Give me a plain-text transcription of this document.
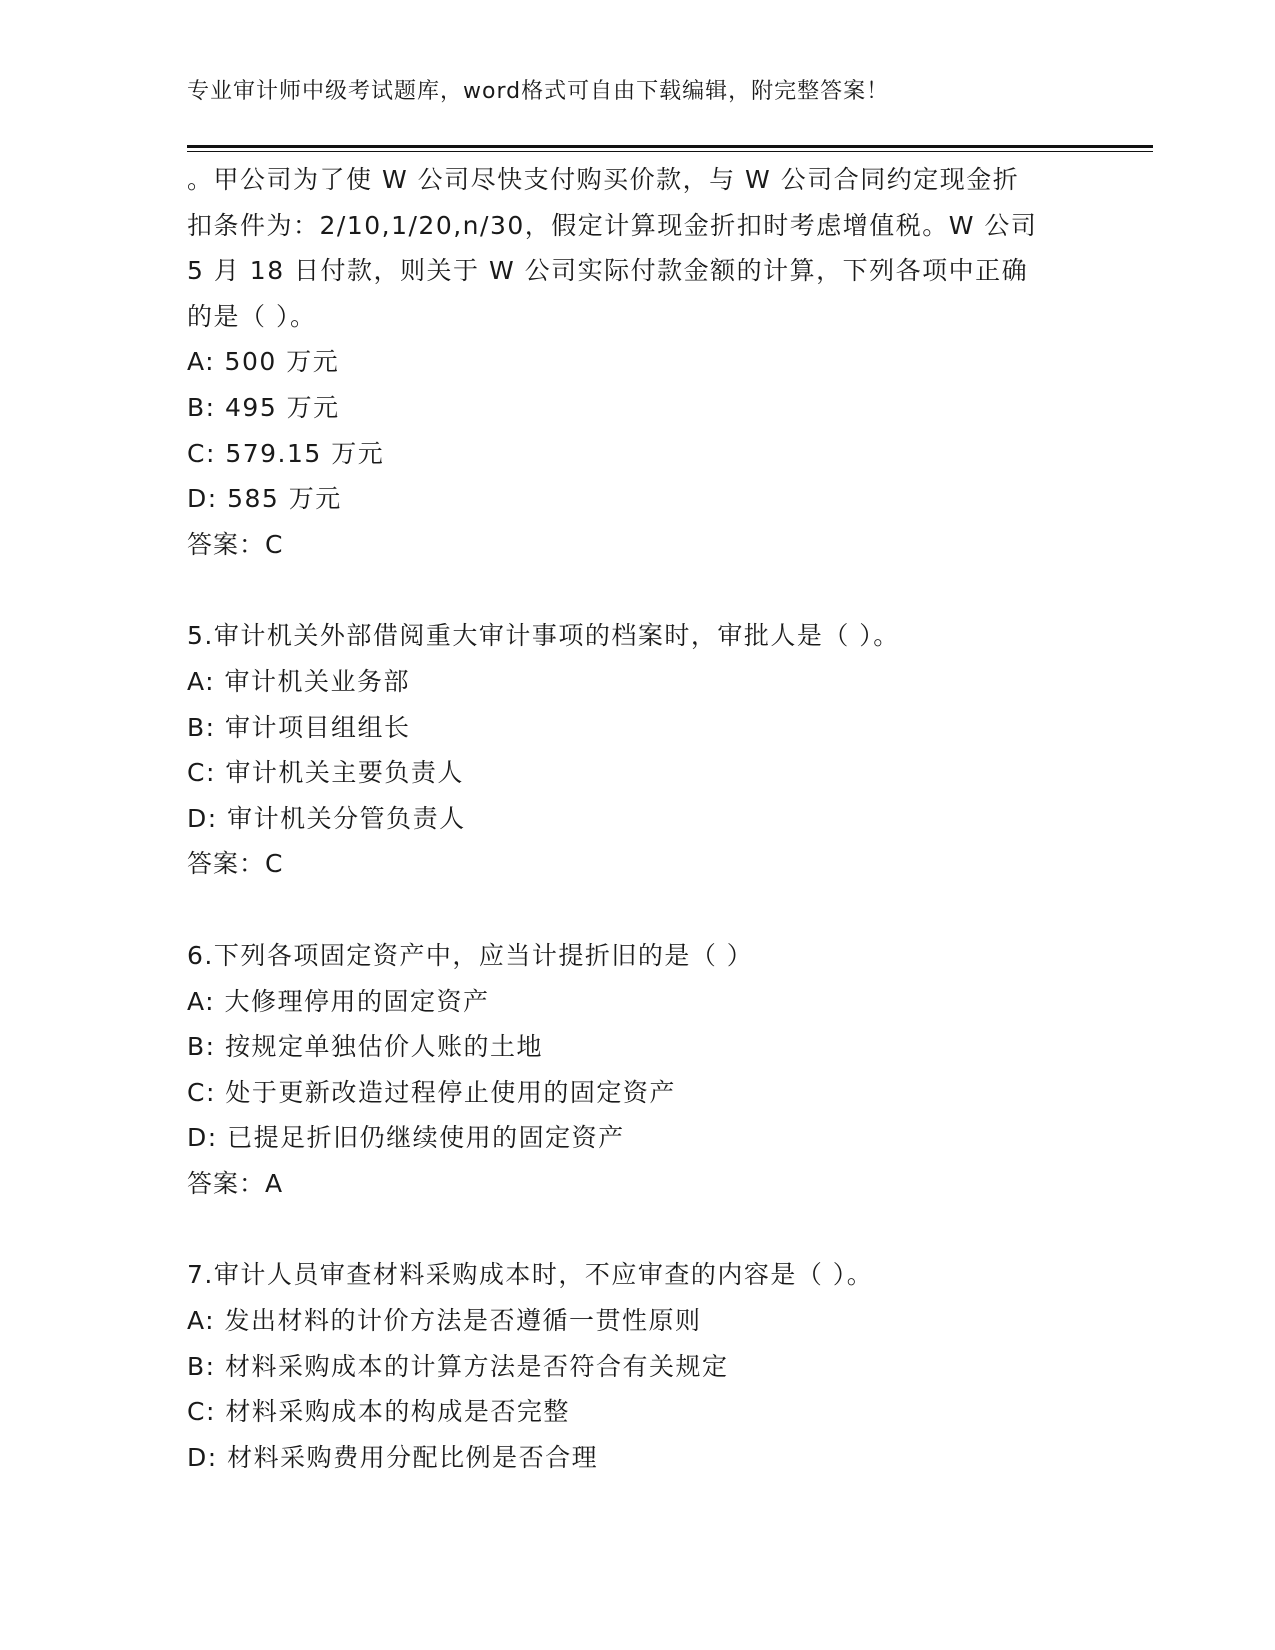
专业审计师中级考试题库，word格式可自由下载编辑，附完整答案！
。甲公司为了使 W 公司尽快支付购买价款，与 W 公司合同约定现金折
扣条件为：2/10,1/20,n/30，假定计算现金折扣时考虑增值税。W 公司
5 月 18 日付款，则关于 W 公司实际付款金额的计算，下列各项中正确
的是（ ）。
A: 500 万元
B: 495 万元
C: 579.15 万元
D: 585 万元
答案：C
5.审计机关外部借阅重大审计事项的档案时，审批人是（ ）。
A: 审计机关业务部
B: 审计项目组组长
C: 审计机关主要负责人
D: 审计机关分管负责人
答案：C
6.下列各项固定资产中，应当计提折旧的是（ ）
A: 大修理停用的固定资产
B: 按规定单独估价人账的土地
C: 处于更新改造过程停止使用的固定资产
D: 已提足折旧仍继续使用的固定资产
答案：A
7.审计人员审查材料采购成本时，不应审查的内容是（ ）。
A: 发出材料的计价方法是否遵循一贯性原则
B: 材料采购成本的计算方法是否符合有关规定
C: 材料采购成本的构成是否完整
D: 材料采购费用分配比例是否合理
